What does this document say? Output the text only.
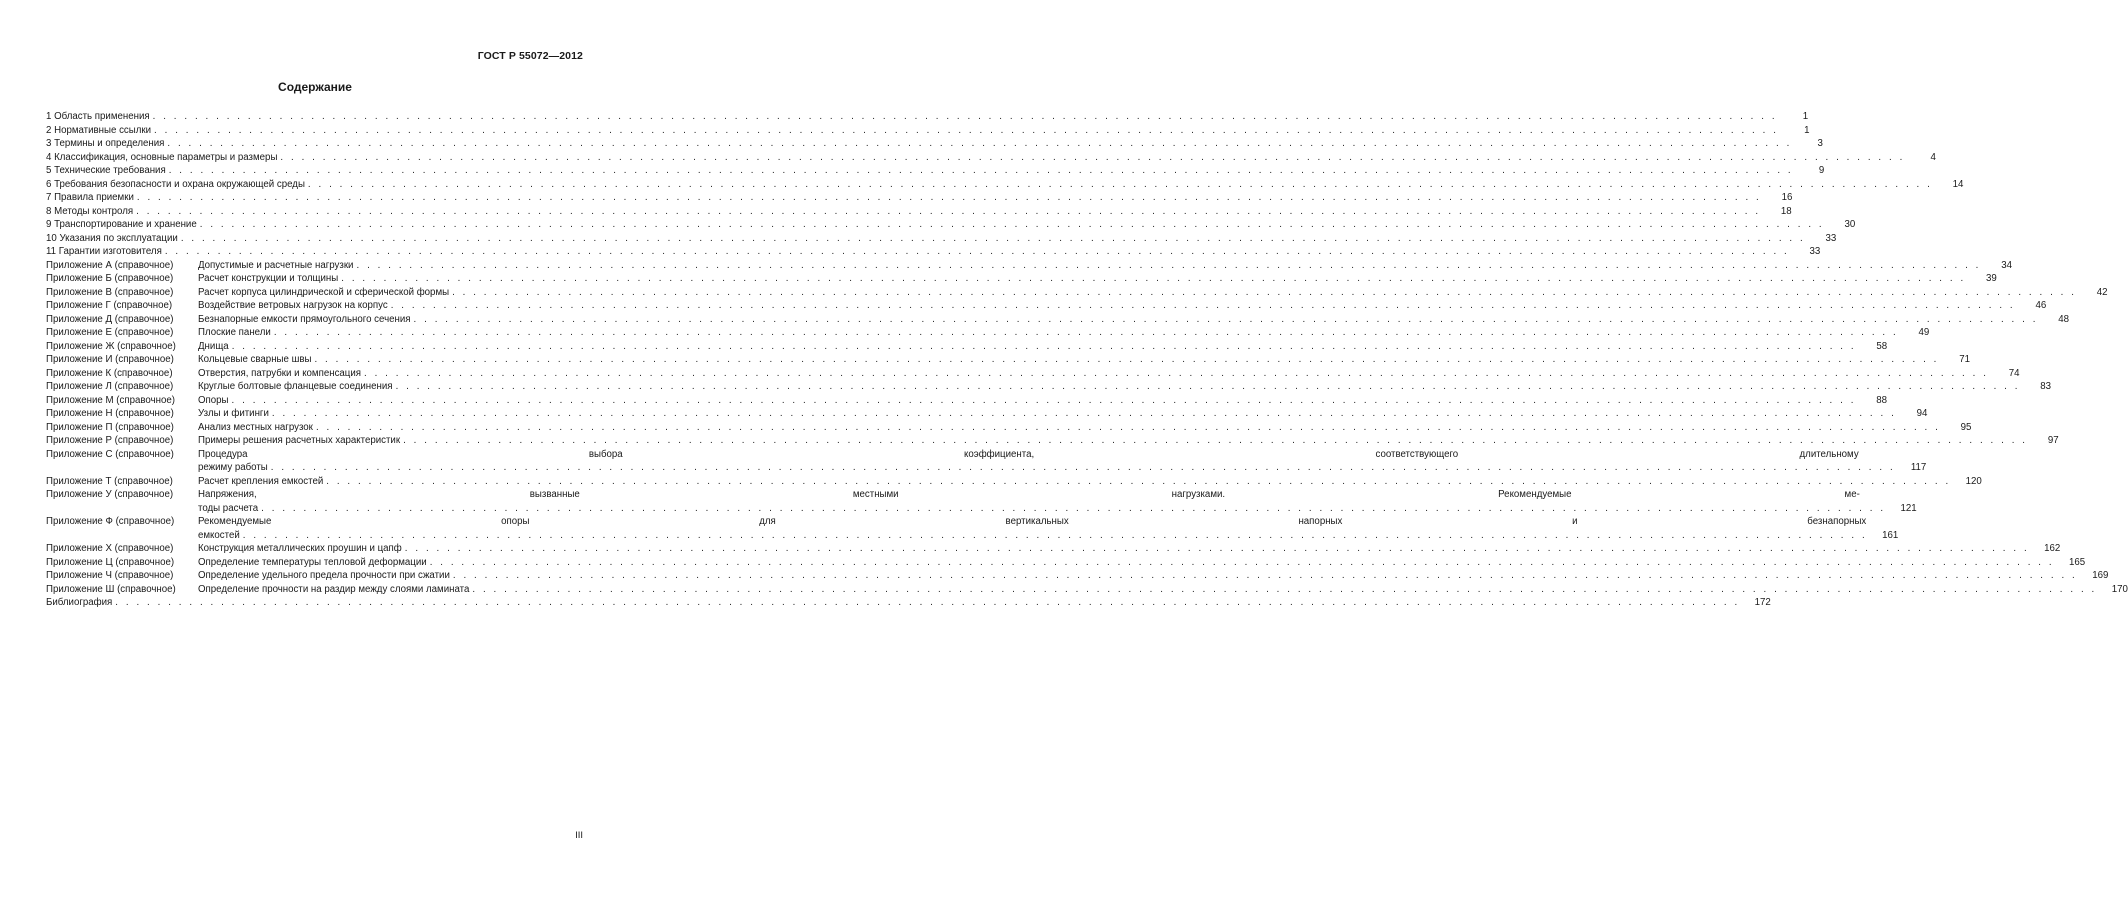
ГОСТ Р 55072—2012
Содержание
1 Область применения . . .	1
2 Нормативные ссылки . . .	1
3 Термины и определения . . .	3
4 Классификация, основные параметры и размеры . . .	4
5 Технические требования . . .	9
6 Требования безопасности и охрана окружающей среды . . .	14
7 Правила приемки . . .	16
8 Методы контроля . . .	18
9 Транспортирование и хранение . . .	30
10 Указания по эксплуатации . . .	33
11 Гарантии изготовителя . . .	33
Приложение А (справочное)	Допустимые и расчетные нагрузки . . .	34
Приложение Б (справочное)	Расчет конструкции и толщины . . .	39
Приложение В (справочное)	Расчет корпуса цилиндрической и сферической формы . . .	42
Приложение Г (справочное)	Воздействие ветровых нагрузок на корпус . . .	46
Приложение Д (справочное)	Безнапорные емкости прямоугольного сечения . . .	48
Приложение Е (справочное)	Плоские панели . . .	49
Приложение Ж (справочное)	Днища . . .	58
Приложение И (справочное)	Кольцевые сварные швы . . .	71
Приложение К (справочное)	Отверстия, патрубки и компенсация . . .	74
Приложение Л (справочное)	Круглые болтовые фланцевые соединения . . .	83
Приложение М (справочное)	Опоры . . .	88
Приложение Н (справочное)	Узлы и фитинги . . .	94
Приложение П (справочное)	Анализ местных нагрузок . . .	95
Приложение Р (справочное)	Примеры решения расчетных характеристик . . .	97
Приложение С (справочное)	Процедура выбора коэффициента, соответствующего длительному
режиму работы . . .	117
Приложение Т (справочное)	Расчет крепления емкостей . . .	120
Приложение У (справочное)	Напряжения, вызванные местными нагрузками. Рекомендуемые ме-
тоды расчета . . .	121
Приложение Ф (справочное)	Рекомендуемые опоры для вертикальных напорных и безнапорных
емкостей . . .	161
Приложение Х (справочное)	Конструкция металлических проушин и цапф . . .	162
Приложение Ц (справочное)	Определение температуры тепловой деформации . . .	165
Приложение Ч (справочное)	Определение удельного предела прочности при сжатии . . .	169
Приложение Ш (справочное)	Определение прочности на раздир между слоями ламината . . .	170
Библиография . . .	172
III
